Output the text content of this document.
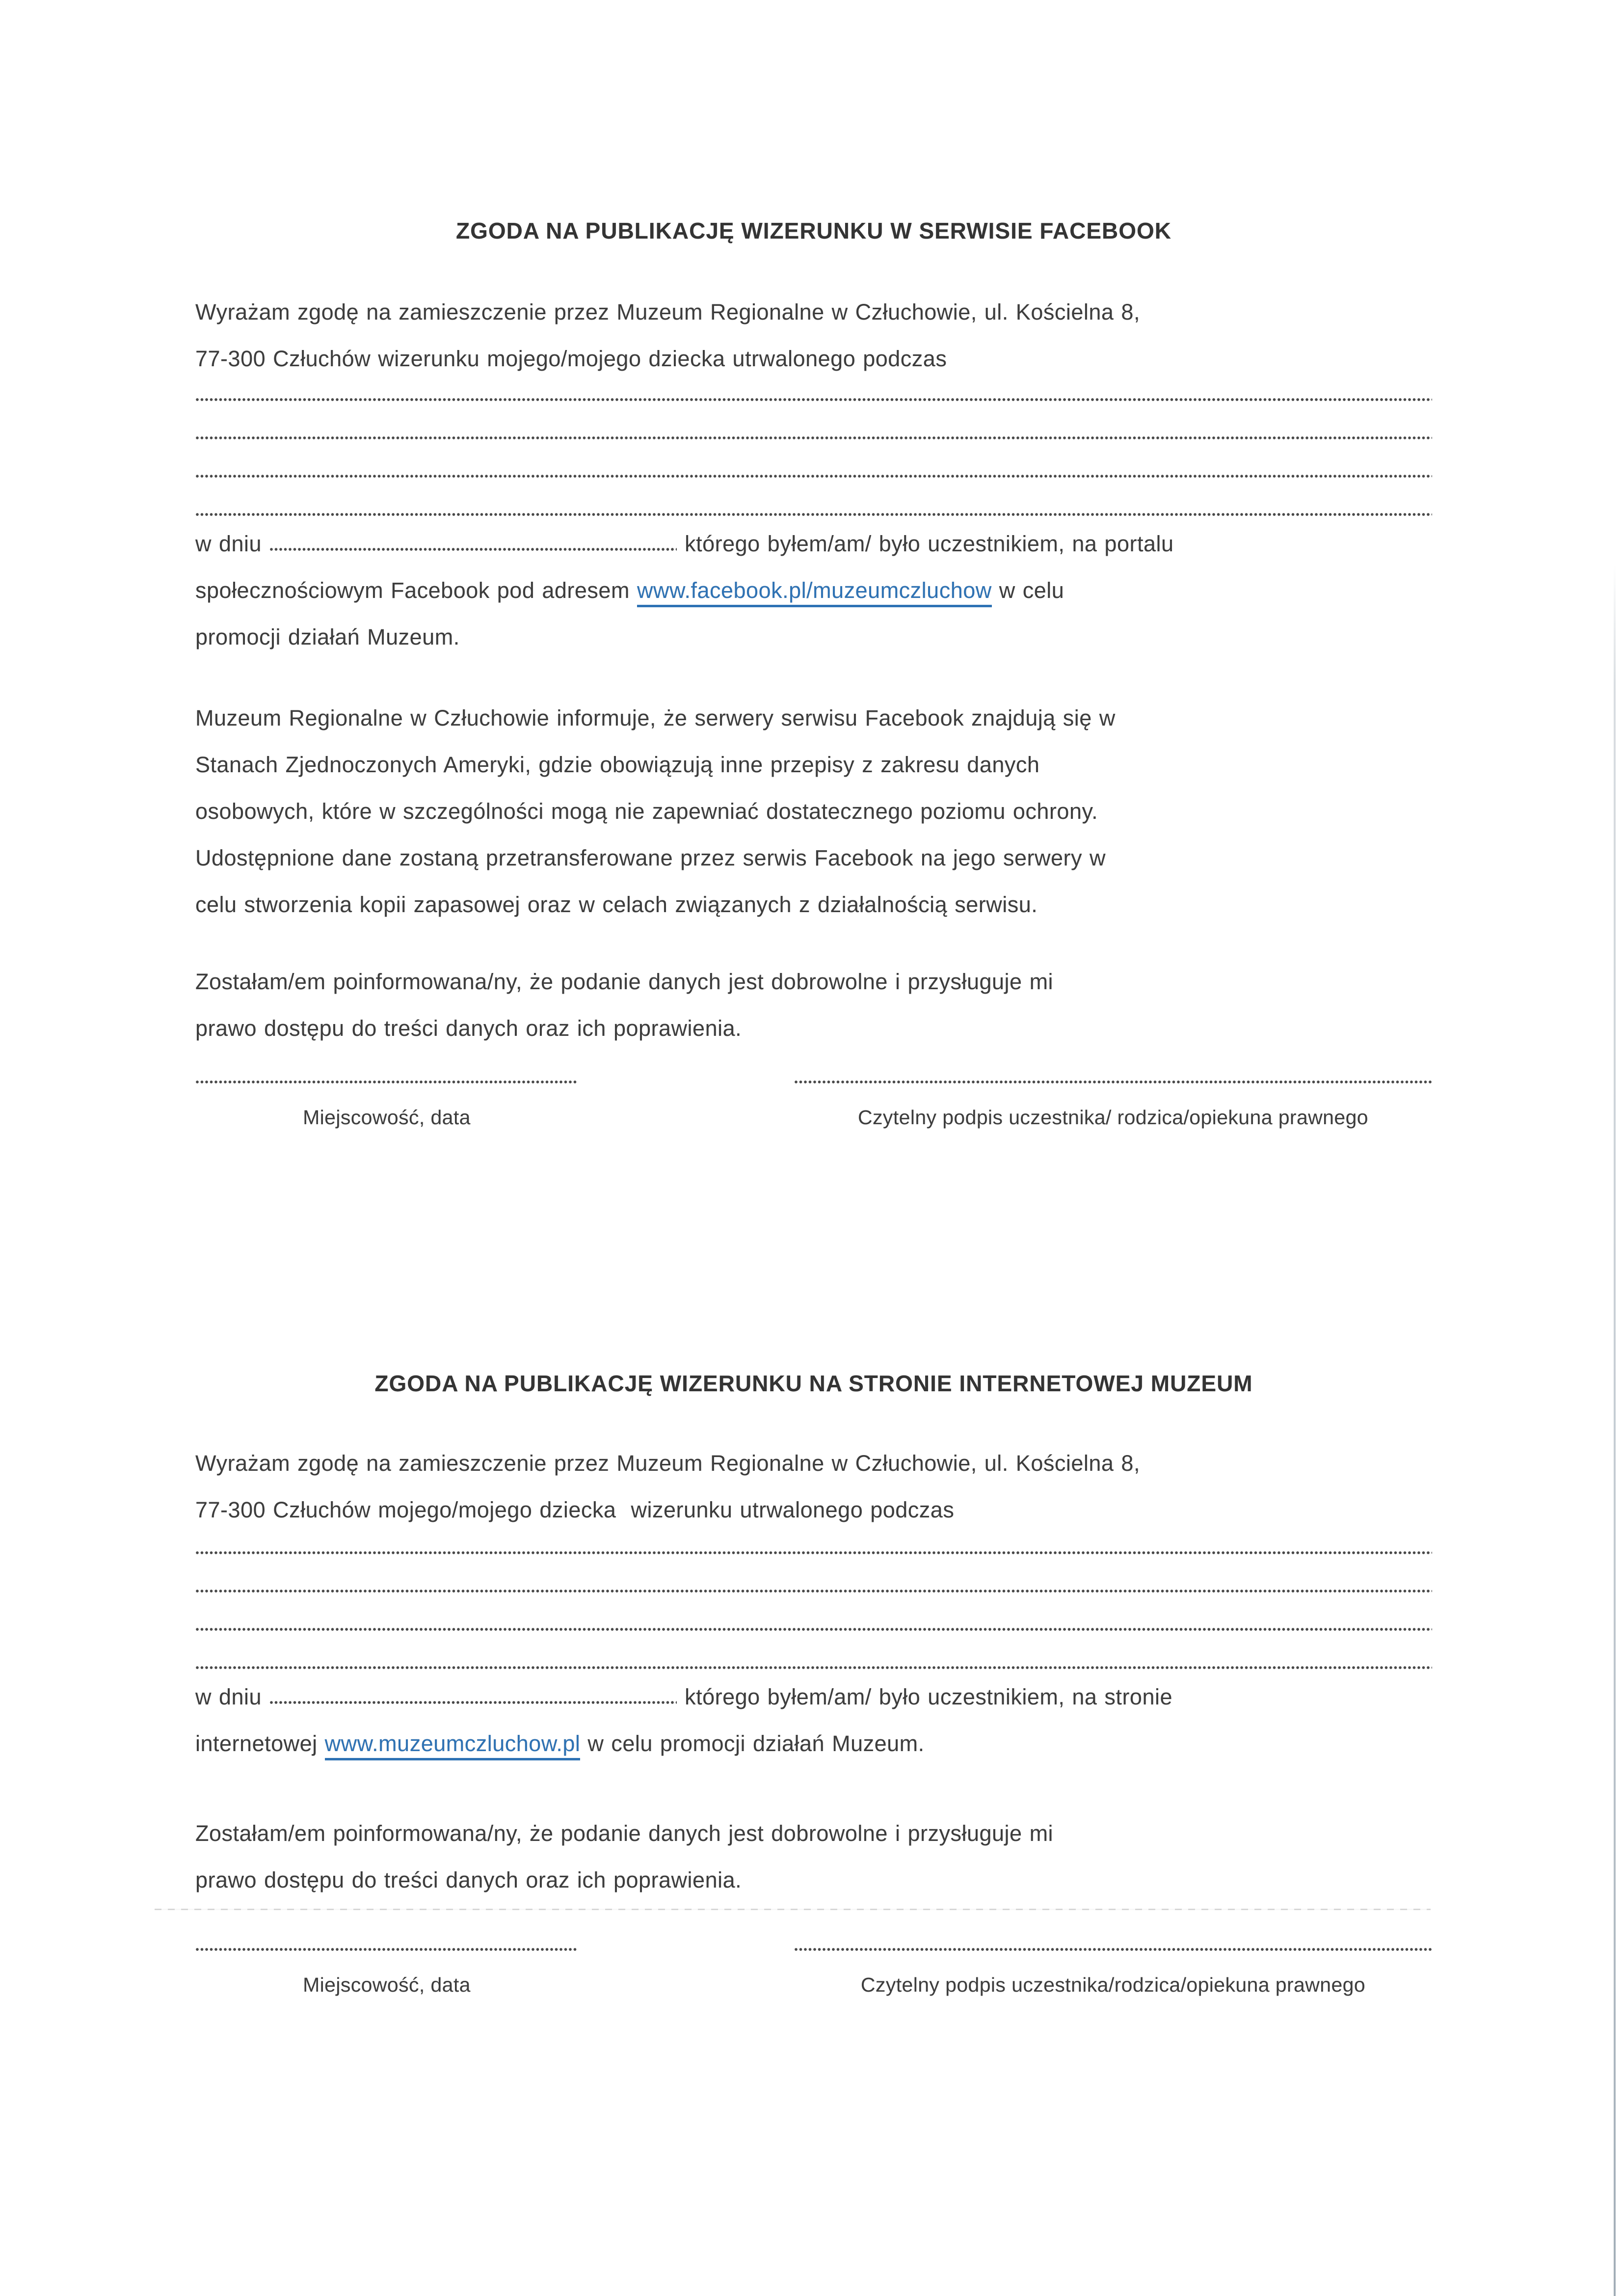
ZGODA NA PUBLIKACJĘ WIZERUNKU W SERWISIE FACEBOOK
Wyrażam zgodę na zamieszczenie przez Muzeum Regionalne w Człuchowie, ul. Kościelna 8,
77-300 Człuchów wizerunku mojego/mojego dziecka utrwalonego podczas
w dniu	którego byłem/am/ było uczestnikiem, na portalu
społecznościowym Facebook pod adresem www.facebook.pl/muzeumczluchow w celu
promocji działań Muzeum.
Muzeum Regionalne w Człuchowie informuje, że serwery serwisu Facebook znajdują się w
Stanach Zjednoczonych Ameryki, gdzie obowiązują inne przepisy z zakresu danych
osobowych, które w szczególności mogą nie zapewniać dostatecznego poziomu ochrony.
Udostępnione dane zostaną przetransferowane przez serwis Facebook na jego serwery w
celu stworzenia kopii zapasowej oraz w celach związanych z działalnością serwisu.
Zostałam/em poinformowana/ny, że podanie danych jest dobrowolne i przysługuje mi
prawo dostępu do treści danych oraz ich poprawienia.
Miejscowość, data	Czytelny podpis uczestnika/ rodzica/opiekuna prawnego
ZGODA NA PUBLIKACJĘ WIZERUNKU NA STRONIE INTERNETOWEJ MUZEUM
Wyrażam zgodę na zamieszczenie przez Muzeum Regionalne w Człuchowie, ul. Kościelna 8,
77-300 Człuchów mojego/mojego dziecka  wizerunku utrwalonego podczas
w dniu	którego byłem/am/ było uczestnikiem, na stronie
internetowej www.muzeumczluchow.pl w celu promocji działań Muzeum.
Zostałam/em poinformowana/ny, że podanie danych jest dobrowolne i przysługuje mi
prawo dostępu do treści danych oraz ich poprawienia.
Miejscowość, data	Czytelny podpis uczestnika/rodzica/opiekuna prawnego
